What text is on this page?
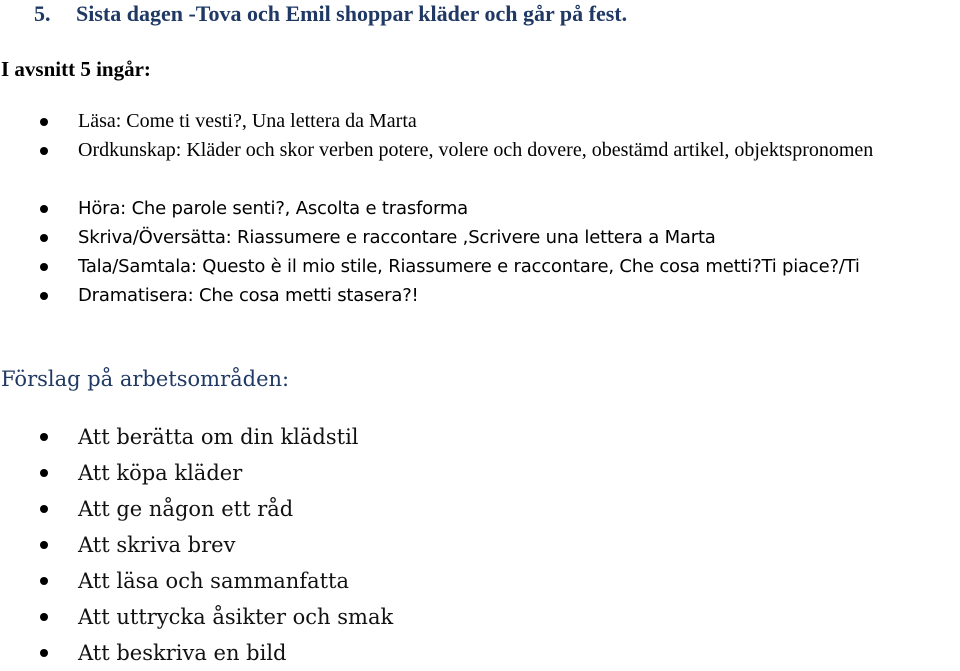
5. Sista dagen -Tova och Emil shoppar kläder och går på fest.
I avsnitt 5 ingår:
Läsa: Come ti vesti?, Una lettera da Marta
Ordkunskap: Kläder och skor verben potere, volere och dovere, obestämd artikel, objektspronomen
Höra: Che parole senti?, Ascolta e trasforma
Skriva/Översätta: Riassumere e raccontare ,Scrivere una lettera a Marta
Tala/Samtala: Questo è il mio stile, Riassumere e raccontare, Che cosa metti?Ti piace?/Ti
Dramatisera: Che cosa metti stasera?!
Förslag på arbetsområden:
Att berätta om din klädstil
Att köpa kläder
Att ge någon ett råd
Att skriva brev
Att läsa och sammanfatta
Att uttrycka åsikter och smak
Att beskriva en bild
